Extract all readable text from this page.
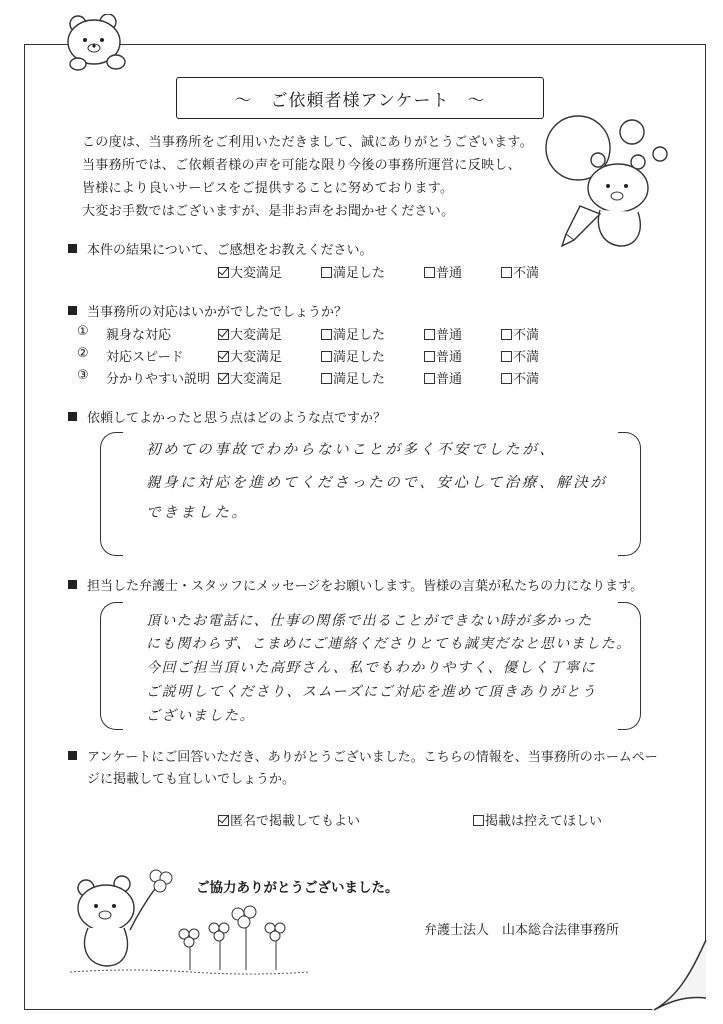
～　ご依頼者様アンケート　～
この度は、当事務所をご利用いただきまして、誠にありがとうございます。
当事務所では、ご依頼者様の声を可能な限り今後の事務所運営に反映し、
皆様により良いサービスをご提供することに努めております。
大変お手数ではございますが、是非お声をお聞かせください。
本件の結果について、ご感想をお教えください。
大変満足	満足した	普通	不満
当事務所の対応はいかがでしたでしょうか？
① 親身な対応	大変満足	満足した	普通	不満
② 対応スピード	大変満足	満足した	普通	不満
③ 分かりやすい説明	大変満足	満足した	普通	不満
依頼してよかったと思う点はどのような点ですか？
初めての事故でわからないことが多く不安でしたが、
親身に対応を進めてくださったので、安心して治療、解決が
できました。
担当した弁護士・スタッフにメッセージをお願いします。皆様の言葉が私たちの力になります。
頂いたお電話に、仕事の関係で出ることができない時が多かった
にも関わらず、こまめにご連絡くださりとても誠実だなと思いました。
今回ご担当頂いた高野さん、私でもわかりやすく、優しく丁寧に
ご説明してくださり、スムーズにご対応を進めて頂きありがとう
ございました。
アンケートにご回答いただき、ありがとうございました。こちらの情報を、当事務所のホームペー
ジに掲載しても宜しいでしょうか。
匿名で掲載してもよい	掲載は控えてほしい
ご協力ありがとうございました。
弁護士法人　山本総合法律事務所
